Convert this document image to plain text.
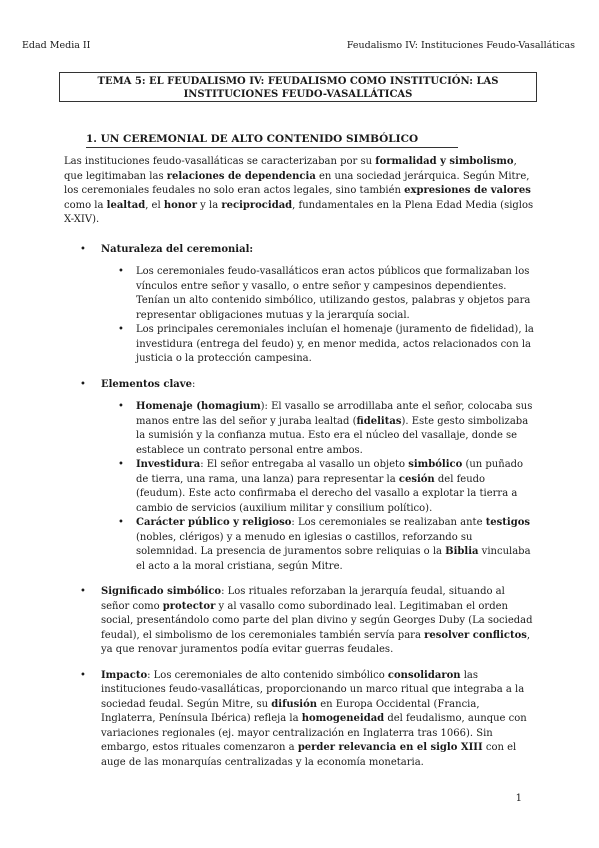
Edad Media II	Feudalismo IV: Instituciones Feudo-Vasalláticas
TEMA 5: EL FEUDALISMO IV: FEUDALISMO COMO INSTITUCIÓN: LAS
INSTITUCIONES FEUDO-VASALLÁTICAS
1. UN CEREMONIAL DE ALTO CONTENIDO SIMBÓLICO

Las instituciones feudo-vasalláticas se caracterizaban por su formalidad y simbolismo, que legitimaban las relaciones de dependencia en una sociedad jerárquica. Según Mitre, los ceremoniales feudales no solo eran actos legales, sino también expresiones de valores como la lealtad, el honor y la reciprocidad, fundamentales en la Plena Edad Media (siglos X-XIV).

• Naturaleza del ceremonial:
• Los ceremoniales feudo-vasalláticos eran actos públicos que formalizaban los vínculos entre señor y vasallo, o entre señor y campesinos dependientes. Tenían un alto contenido simbólico, utilizando gestos, palabras y objetos para representar obligaciones mutuas y la jerarquía social.
• Los principales ceremoniales incluían el homenaje (juramento de fidelidad), la investidura (entrega del feudo) y, en menor medida, actos relacionados con la justicia o la protección campesina.
• Elementos clave:
• Homenaje (homagium): El vasallo se arrodillaba ante el señor, colocaba sus manos entre las del señor y juraba lealtad (fidelitas). Este gesto simbolizaba la sumisión y la confianza mutua. Esto era el núcleo del vasallaje, donde se establece un contrato personal entre ambos.
• Investidura: El señor entregaba al vasallo un objeto simbólico (un puñado de tierra, una rama, una lanza) para representar la cesión del feudo (feudum). Este acto confirmaba el derecho del vasallo a explotar la tierra a cambio de servicios (auxilium militar y consilium político).
• Carácter público y religioso: Los ceremoniales se realizaban ante testigos (nobles, clérigos) y a menudo en iglesias o castillos, reforzando su solemnidad. La presencia de juramentos sobre reliquias o la Biblia vinculaba el acto a la moral cristiana, según Mitre.
• Significado simbólico: Los rituales reforzaban la jerarquía feudal, situando al señor como protector y al vasallo como subordinado leal. Legitimaban el orden social, presentándolo como parte del plan divino y según Georges Duby (La sociedad feudal), el simbolismo de los ceremoniales también servía para resolver conflictos, ya que renovar juramentos podía evitar guerras feudales.
• Impacto: Los ceremoniales de alto contenido simbólico consolidaron las instituciones feudo-vasalláticas, proporcionando un marco ritual que integraba a la sociedad feudal. Según Mitre, su difusión en Europa Occidental (Francia, Inglaterra, Península Ibérica) refleja la homogeneidad del feudalismo, aunque con variaciones regionales (ej. mayor centralización en Inglaterra tras 1066). Sin embargo, estos rituales comenzaron a perder relevancia en el siglo XIII con el auge de las monarquías centralizadas y la economía monetaria.
1
